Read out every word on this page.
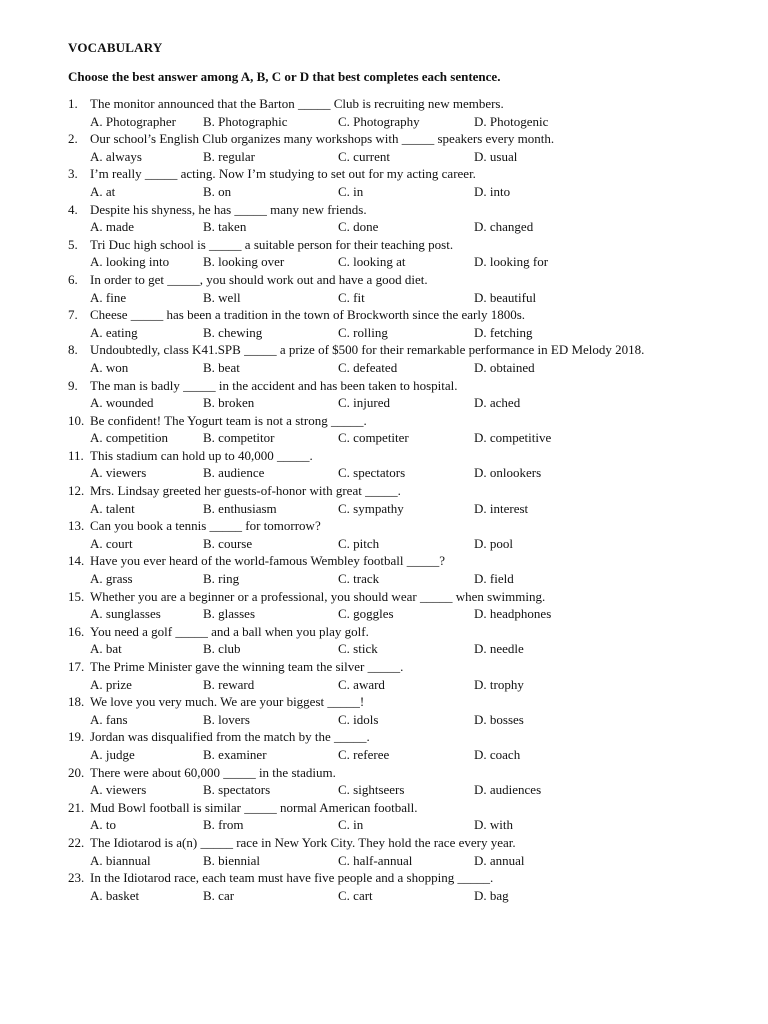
VOCABULARY
Choose the best answer among A, B, C or D that best completes each sentence.
1. The monitor announced that the Barton _____ Club is recruiting new members.
A. Photographer B. Photographic	C. Photography	D. Photogenic
2. Our school’s English Club organizes many workshops with _____ speakers every month.
A. always	B. regular	C. current	D. usual
3. I’m really _____ acting. Now I’m studying to set out for my acting career.
A. at	B. on	C. in	D. into
4. Despite his shyness, he has _____ many new friends.
A. made	B. taken	C. done	D. changed
5. Tri Duc high school is _____ a suitable person for their teaching post.
A. looking into	B. looking over	C. looking at	D. looking for
6. In order to get _____, you should work out and have a good diet.
A. fine	B. well	C. fit	D. beautiful
7. Cheese _____ has been a tradition in the town of Brockworth since the early 1800s.
A. eating	B. chewing	C. rolling	D. fetching
8. Undoubtedly, class K41.SPB _____ a prize of $500 for their remarkable performance in ED Melody 2018.
A. won	B. beat	C. defeated	D. obtained
9. The man is badly _____ in the accident and has been taken to hospital.
A. wounded	B. broken	C. injured	D. ached
10. Be confident! The Yogurt team is not a strong _____.
A. competition	B. competitor	C. competiter	D. competitive
11. This stadium can hold up to 40,000 _____.
A. viewers	B. audience	C. spectators	D. onlookers
12. Mrs. Lindsay greeted her guests-of-honor with great _____.
A. talent	B. enthusiasm	C. sympathy	D. interest
13. Can you book a tennis _____ for tomorrow?
A. court	B. course	C. pitch	D. pool
14. Have you ever heard of the world-famous Wembley football _____?
A. grass	B. ring	C. track	D. field
15. Whether you are a beginner or a professional, you should wear _____ when swimming.
A. sunglasses	B. glasses	C. goggles	D. headphones
16. You need a golf _____ and a ball when you play golf.
A. bat	B. club	C. stick	D. needle
17. The Prime Minister gave the winning team the silver _____.
A. prize	B. reward	C. award	D. trophy
18. We love you very much. We are your biggest _____!
A. fans	B. lovers	C. idols	D. bosses
19. Jordan was disqualified from the match by the _____.
A. judge	B. examiner	C. referee	D. coach
20. There were about 60,000 _____ in the stadium.
A. viewers	B. spectators	C. sightseers	D. audiences
21. Mud Bowl football is similar _____ normal American football.
A. to	B. from	C. in	D. with
22. The Idiotarod is a(n) _____ race in New York City. They hold the race every year.
A. biannual	B. biennial	C. half-annual	D. annual
23. In the Idiotarod race, each team must have five people and a shopping _____.
A. basket	B. car	C. cart	D. bag
